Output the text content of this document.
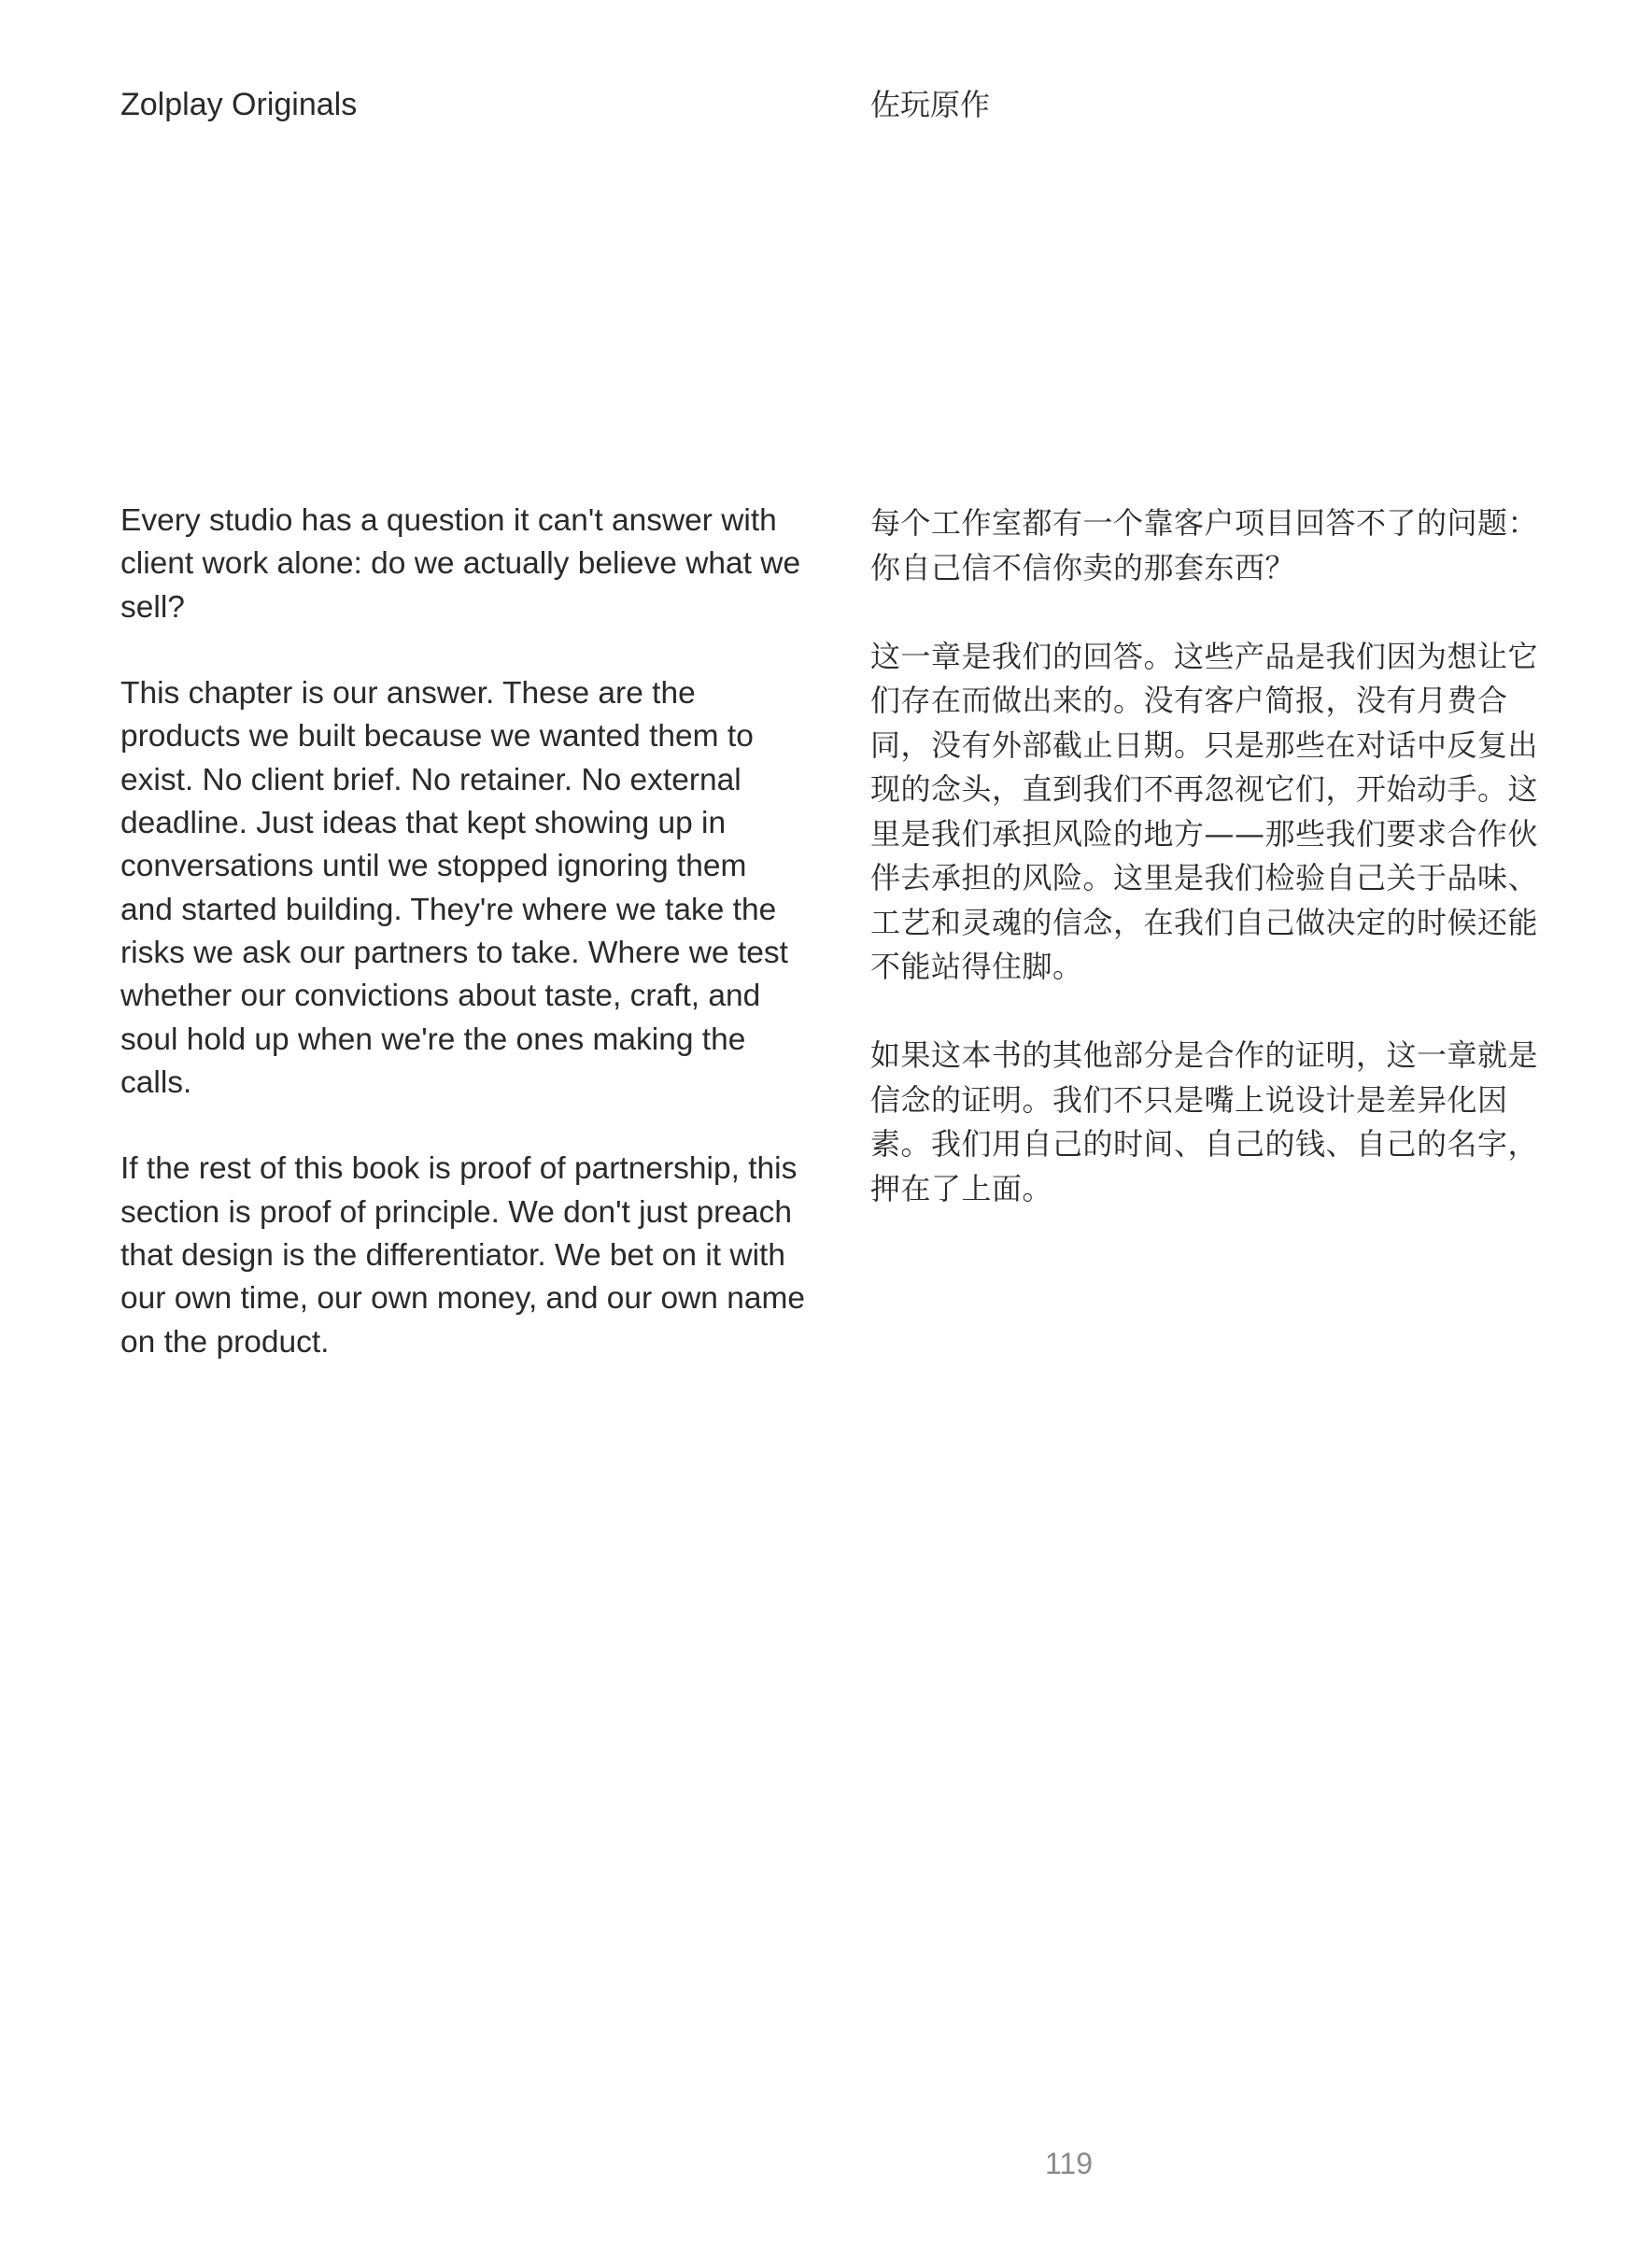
Zolplay Originals	佐玩原作

Every studio has a question it can't answer with client work alone: do we actually believe what we sell?

This chapter is our answer. These are the products we built because we wanted them to exist. No client brief. No retainer. No external deadline. Just ideas that kept showing up in conversations until we stopped ignoring them and started building. They're where we take the risks we ask our partners to take. Where we test whether our convictions about taste, craft, and soul hold up when we're the ones making the calls.

If the rest of this book is proof of partnership, this section is proof of principle. We don't just preach that design is the differentiator. We bet on it with our own time, our own money, and our own name on the product.

每个工作室都有一个靠客户项目回答不了的问题：你自己信不信你卖的那套东西？

这一章是我们的回答。这些产品是我们因为想让它们存在而做出来的。没有客户简报，没有月费合同，没有外部截止日期。只是那些在对话中反复出现的念头，直到我们不再忽视它们，开始动手。这里是我们承担风险的地方——那些我们要求合作伙伴去承担的风险。这里是我们检验自己关于品味、工艺和灵魂的信念，在我们自己做决定的时候还能不能站得住脚。

如果这本书的其他部分是合作的证明，这一章就是信念的证明。我们不只是嘴上说设计是差异化因素。我们用自己的时间、自己的钱、自己的名字，押在了上面。

119
